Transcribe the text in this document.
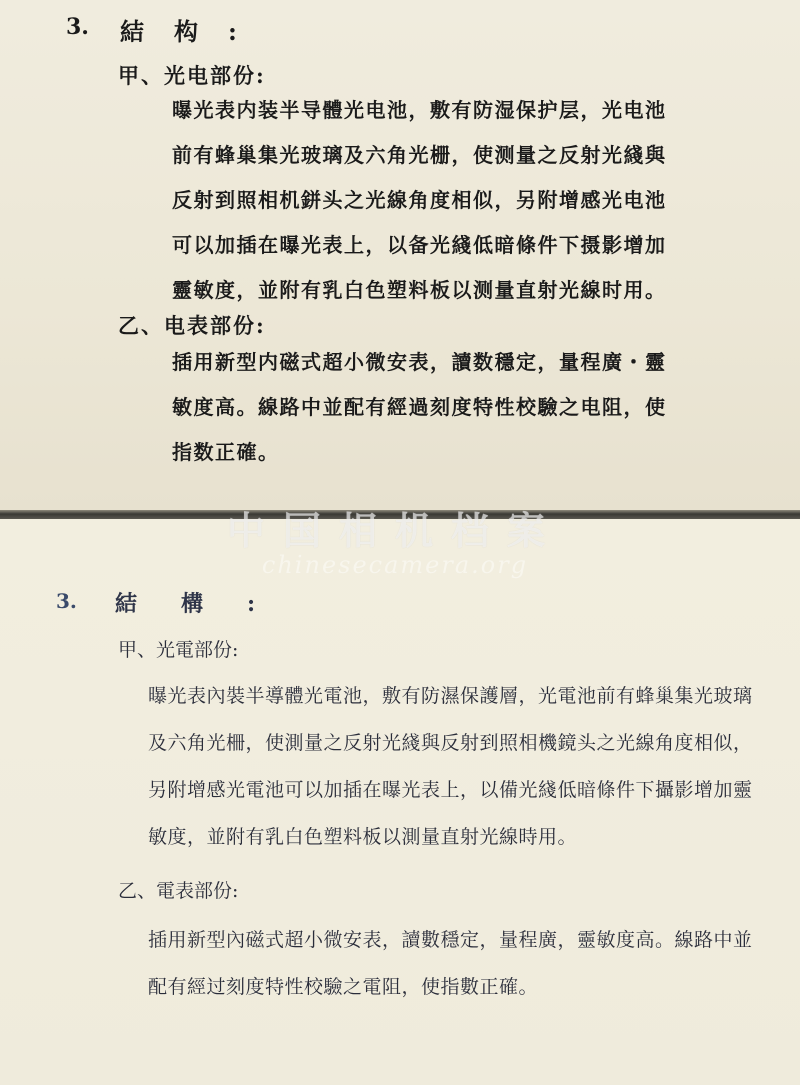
3. 結构:
甲、光电部份:
曝光表内装半导體光电池，敷有防湿保护层，光电池
前有蜂巢集光玻璃及六角光栅，使测量之反射光綫與
反射到照相机鉼头之光線角度相似，另附增感光电池
可以加插在曝光表上，以备光綫低暗條件下摄影增加
靈敏度，並附有乳白色塑料板以测量直射光線时用。
乙、电表部份:
插用新型内磁式超小微安表，讀数穩定，量程廣・靈
敏度高。線路中並配有經過刻度特性校驗之电阻，使
指数正確。
3. 結構:
甲、光電部份:
曝光表內裝半導體光電池，敷有防濕保護層，光電池前有蜂巢集光玻璃
及六角光柵，使測量之反射光綫與反射到照相機鏡头之光線角度相似，
另附增感光電池可以加插在曝光表上，以備光綫低暗條件下攝影增加靈
敏度，並附有乳白色塑料板以測量直射光線時用。
乙、電表部份:
插用新型內磁式超小微安表，讀數穩定，量程廣，靈敏度高。線路中並
配有經过刻度特性校驗之電阻，使指數正確。
中国相机档案
chinesecamera.org
